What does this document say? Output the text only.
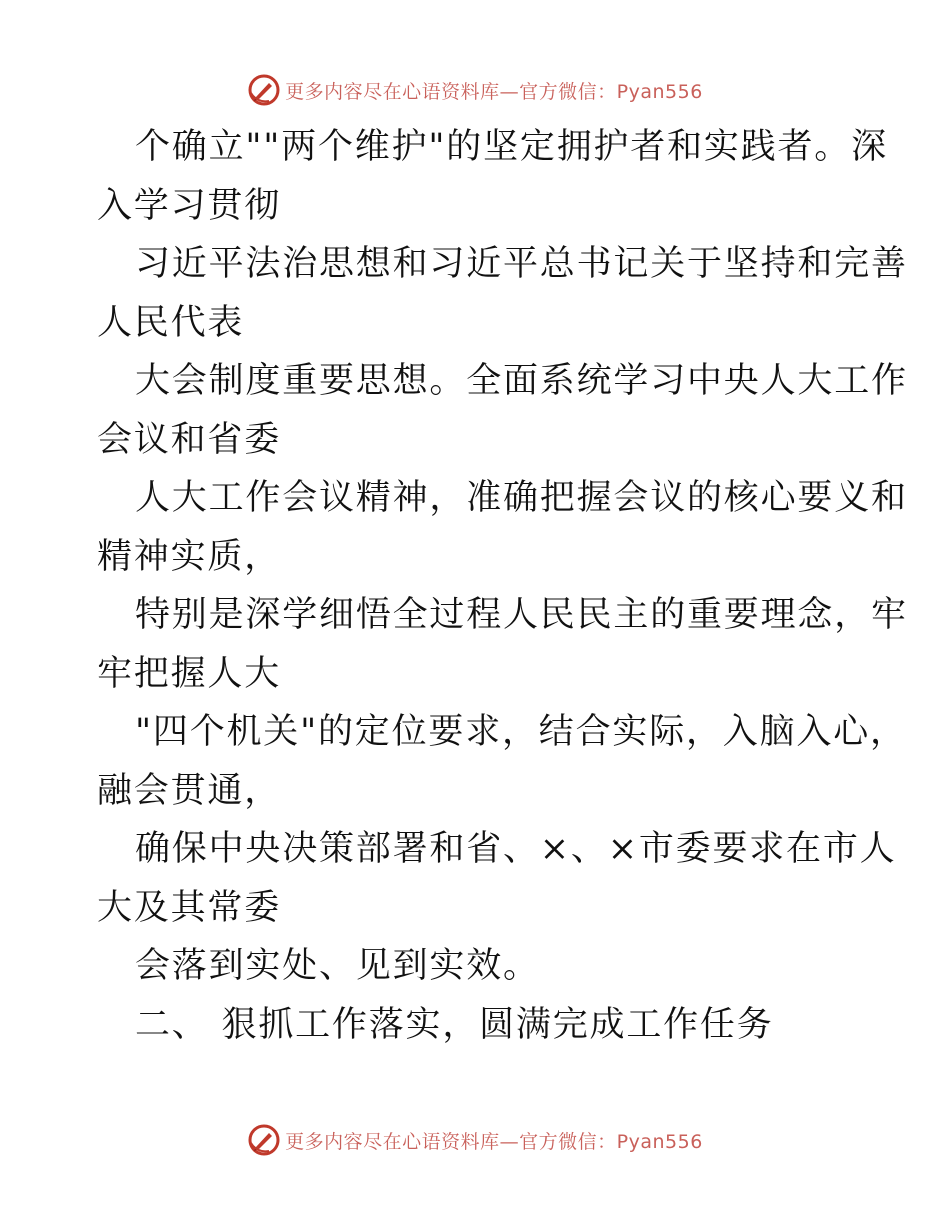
更多内容尽在心语资料库—官方微信：Pyan556
个确立""两个维护"的坚定拥护者和实践者。深
入学习贯彻
习近平法治思想和习近平总书记关于坚持和完善
人民代表
大会制度重要思想。全面系统学习中央人大工作
会议和省委
人大工作会议精神，准确把握会议的核心要义和
精神实质，
特别是深学细悟全过程人民民主的重要理念，牢
牢把握人大
"四个机关"的定位要求，结合实际，入脑入心，
融会贯通，
确保中央决策部署和省、×、×市委要求在市人
大及其常委
会落到实处、见到实效。
二、 狠抓工作落实，圆满完成工作任务
更多内容尽在心语资料库—官方微信：Pyan556
